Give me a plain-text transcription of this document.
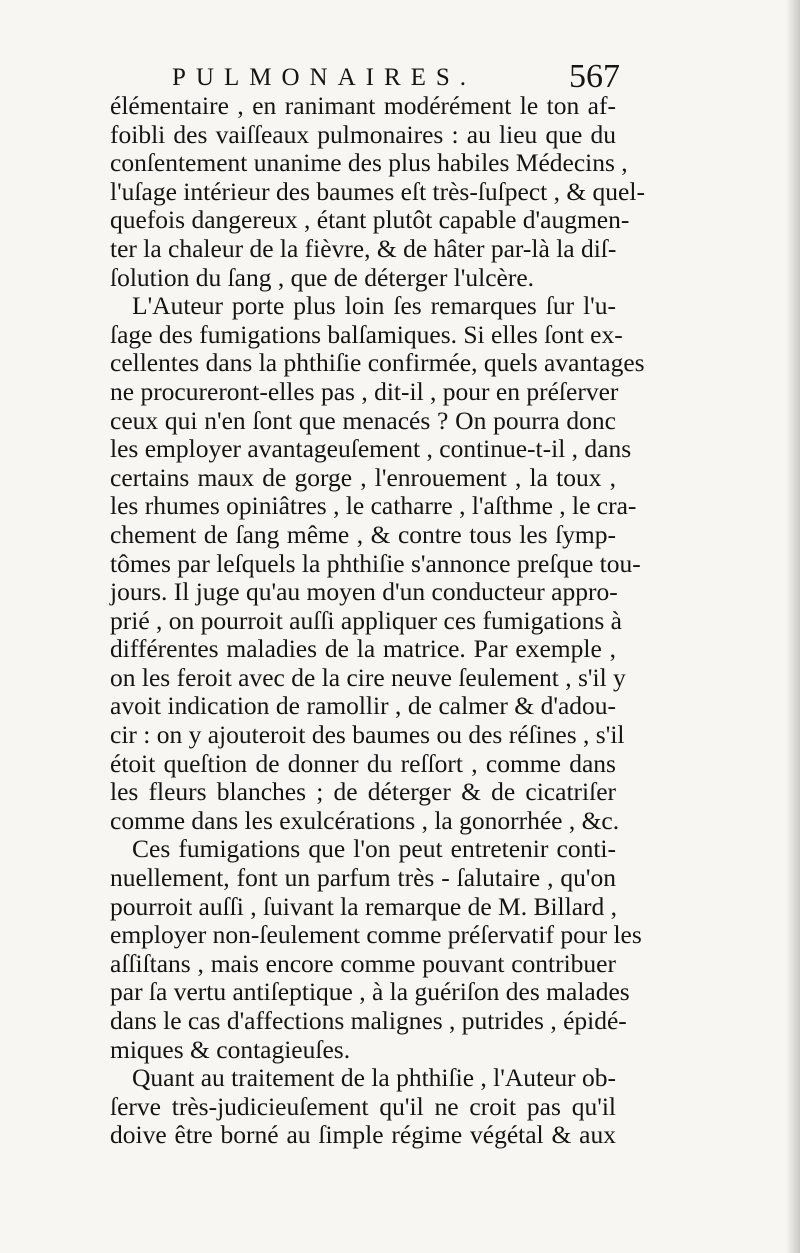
PULMONAIRES.	567
élémentaire , en ranimant modérément le ton af-
foibli des vaiſſeaux pulmonaires : au lieu que du
conſentement unanime des plus habiles Médecins ,
l'uſage intérieur des baumes eſt très-ſuſpect , & quel-
quefois dangereux , étant plutôt capable d'augmen-
ter la chaleur de la fièvre, & de hâter par-là la diſ-
ſolution du ſang , que de déterger l'ulcère.
L'Auteur porte plus loin ſes remarques ſur l'u-
ſage des fumigations balſamiques. Si elles ſont ex-
cellentes dans la phthiſie confirmée, quels avantages
ne procureront-elles pas , dit-il , pour en préſerver
ceux qui n'en ſont que menacés ? On pourra donc
les employer avantageuſement , continue-t-il , dans
certains maux de gorge , l'enrouement , la toux ,
les rhumes opiniâtres , le catharre , l'aſthme , le cra-
chement de ſang même , & contre tous les ſymp-
tômes par leſquels la phthiſie s'annonce preſque tou-
jours. Il juge qu'au moyen d'un conducteur appro-
prié , on pourroit auſſi appliquer ces fumigations à
différentes maladies de la matrice. Par exemple ,
on les feroit avec de la cire neuve ſeulement , s'il y
avoit indication de ramollir , de calmer & d'adou-
cir : on y ajouteroit des baumes ou des réſines , s'il
étoit queſtion de donner du reſſort , comme dans
les fleurs blanches ; de déterger & de cicatriſer
comme dans les exulcérations , la gonorrhée , &c.
Ces fumigations que l'on peut entretenir conti-
nuellement, font un parfum très - ſalutaire , qu'on
pourroit auſſi , ſuivant la remarque de M. Billard ,
employer non-ſeulement comme préſervatif pour les
aſſiſtans , mais encore comme pouvant contribuer
par ſa vertu antiſeptique , à la guériſon des malades
dans le cas d'affections malignes , putrides , épidé-
miques & contagieuſes.
Quant au traitement de la phthiſie , l'Auteur ob-
ſerve très-judicieuſement qu'il ne croit pas qu'il
doive être borné au ſimple régime végétal & aux
